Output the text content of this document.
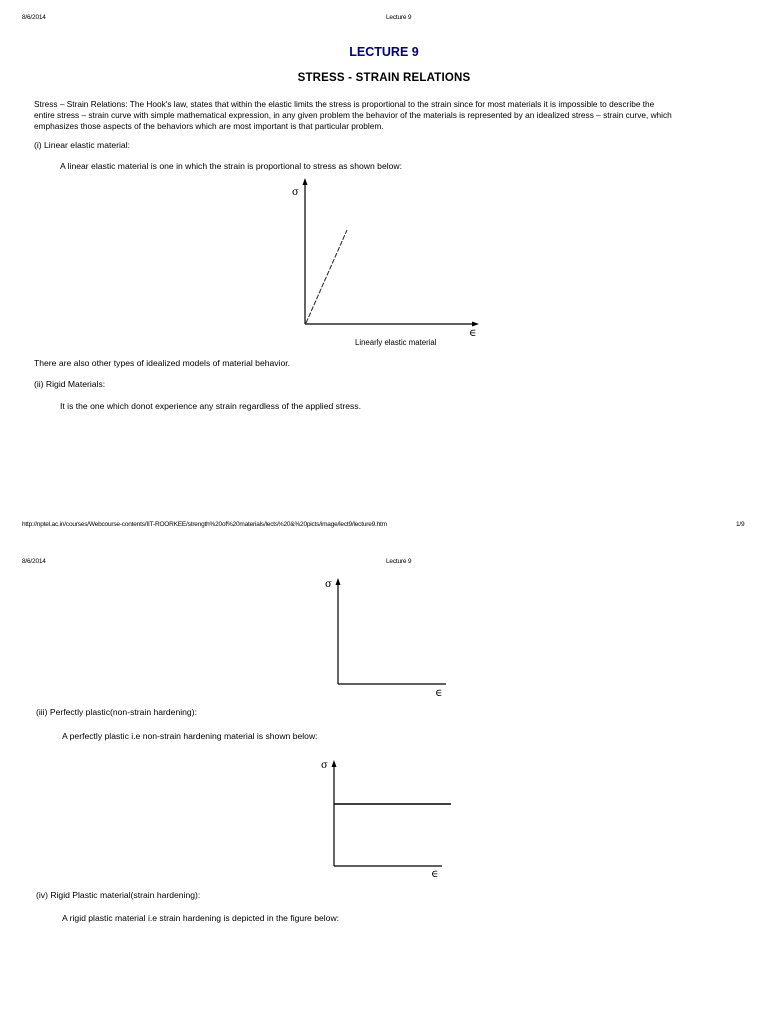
8/6/2014	Lecture 9
LECTURE 9
STRESS - STRAIN RELATIONS
Stress – Strain Relations: The Hook's law, states that within the elastic limits the stress is proportional to the strain since for most materials it is impossible to describe the
entire stress – strain curve with simple mathematical expression, in any given problem the behavior of the materials is represented by an idealized stress – strain curve, which
emphasizes those aspects of the behaviors which are most important is that particular problem.
(i) Linear elastic material:
A linear elastic material is one in which the strain is proportional to stress as shown below:
σ
∈
Linearly elastic material
There are also other types of idealized models of material behavior.
(ii) Rigid Materials:
It is the one which donot experience any strain regardless of the applied stress.
http://nptel.ac.in/courses/Webcourse-contents/IIT-ROORKEE/strength%20of%20materials/lects%20&%20picts/image/lect9/lecture9.htm	1/9
8/6/2014	Lecture 9
σ
∈
(iii) Perfectly plastic(non-strain hardening):
A perfectly plastic i.e non-strain hardening material is shown below:
σ
∈
(iv) Rigid Plastic material(strain hardening):
A rigid plastic material i.e strain hardening is depicted in the figure below:
